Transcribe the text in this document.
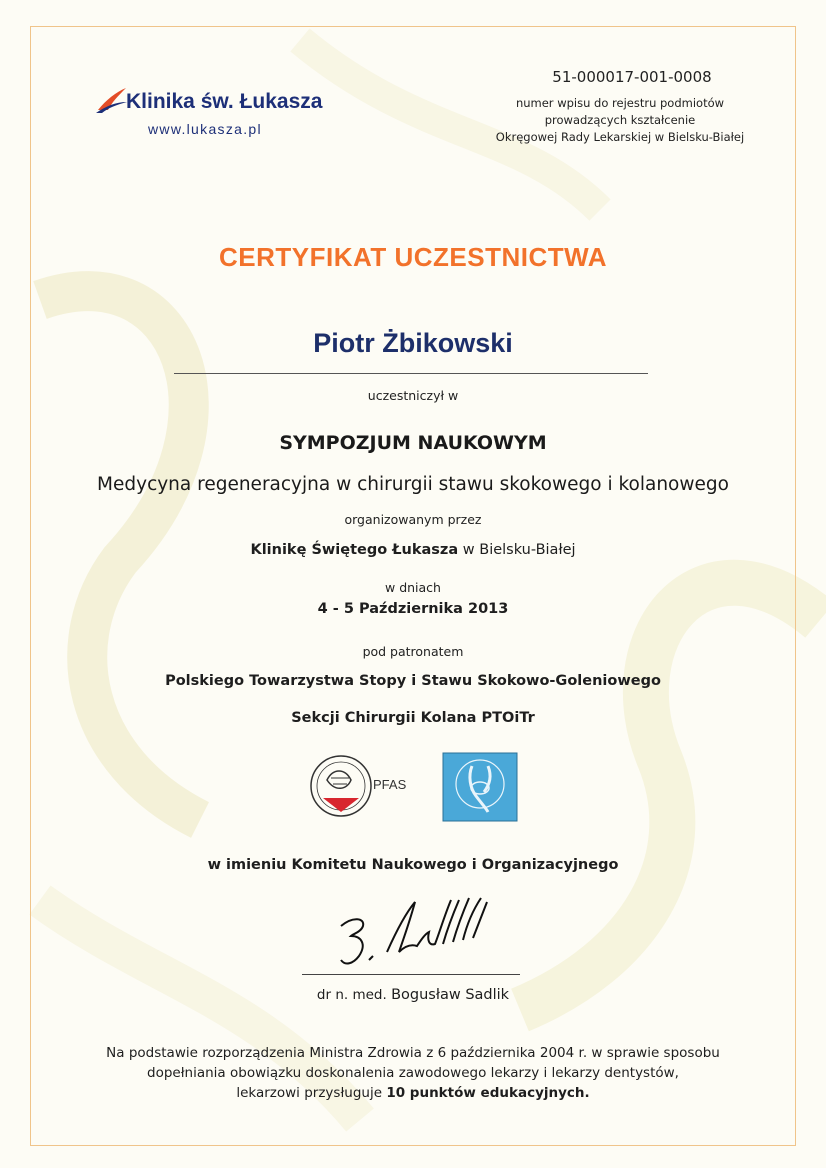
Klinika św. Łukasza
www.lukasza.pl
51-000017-001-0008
numer wpisu do rejestru podmiotów
prowadzących kształcenie
Okręgowej Rady Lekarskiej w Bielsku-Białej
CERTYFIKAT UCZESTNICTWA
Piotr Żbikowski
uczestniczył w
SYMPOZJUM NAUKOWYM
Medycyna regeneracyjna w chirurgii stawu skokowego i kolanowego
organizowanym przez
Klinikę Świętego Łukasza w Bielsku-Białej
w dniach
4 - 5 Października 2013
pod patronatem
Polskiego Towarzystwa Stopy i Stawu Skokowo-Goleniowego
Sekcji Chirurgii Kolana PTOiTr
PFAS
w imieniu Komitetu Naukowego i Organizacyjnego
dr n. med. Bogusław Sadlik
Na podstawie rozporządzenia Ministra Zdrowia z 6 października 2004 r. w sprawie sposobu
dopełniania obowiązku doskonalenia zawodowego lekarzy i lekarzy dentystów,
lekarzowi przysługuje 10 punktów edukacyjnych.
